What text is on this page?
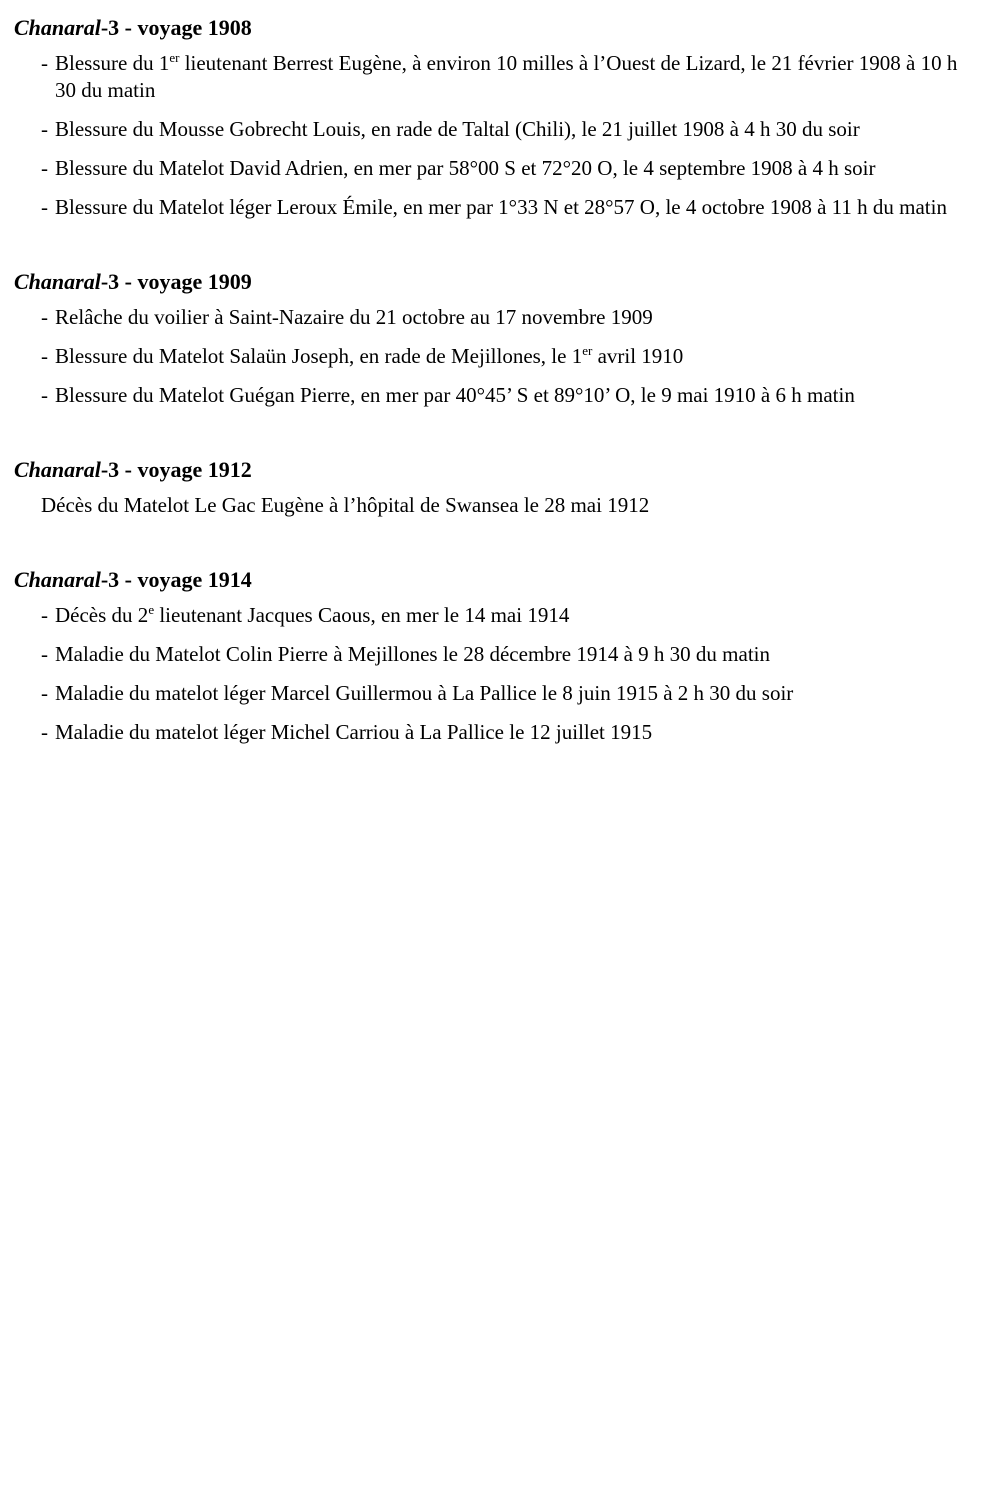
Chanaral-3 - voyage 1908
- Blessure du 1er lieutenant Berrest Eugène, à environ 10 milles à l’Ouest de Lizard, le 21 février 1908 à 10 h 30 du matin
- Blessure du Mousse Gobrecht Louis, en rade de Taltal (Chili), le 21 juillet 1908 à 4 h 30 du soir
- Blessure du Matelot David Adrien, en mer par 58°00 S et 72°20 O, le 4 septembre 1908 à 4 h soir
- Blessure du Matelot léger Leroux Émile, en mer par 1°33 N et 28°57 O, le 4 octobre 1908 à 11 h du matin
Chanaral-3 - voyage 1909
- Relâche du voilier à Saint-Nazaire du 21 octobre au 17 novembre 1909
- Blessure du Matelot Salaün Joseph, en rade de Mejillones, le 1er avril 1910
- Blessure du Matelot Guégan Pierre, en mer par 40°45’ S et 89°10’ O, le 9 mai 1910 à 6 h matin
Chanaral-3 - voyage 1912

Décès du Matelot Le Gac Eugène à l’hôpital de Swansea le 28 mai 1912

Chanaral-3 - voyage 1914
- Décès du 2e lieutenant Jacques Caous, en mer le 14 mai 1914
- Maladie du Matelot Colin Pierre à Mejillones le 28 décembre 1914 à 9 h 30 du matin
- Maladie du matelot léger Marcel Guillermou à La Pallice le 8 juin 1915 à 2 h 30 du soir
- Maladie du matelot léger Michel Carriou à La Pallice le 12 juillet 1915
